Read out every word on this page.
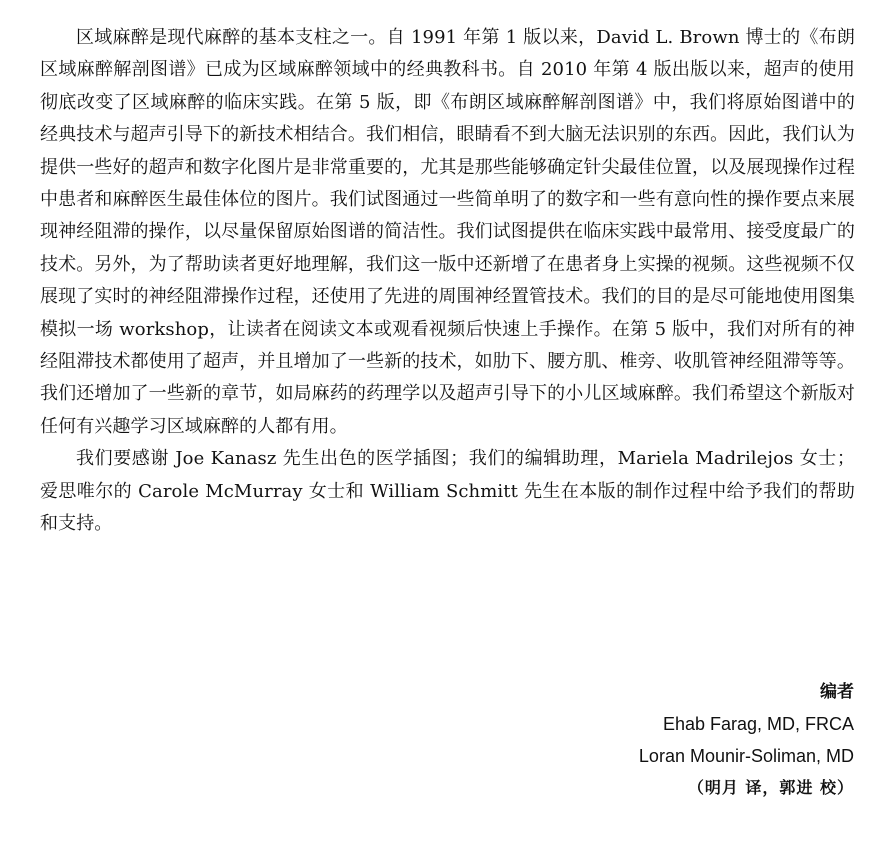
区域麻醉是现代麻醉的基本支柱之一。自 1991 年第 1 版以来，David L. Brown 博士的《布朗区域麻醉解剖图谱》已成为区域麻醉领域中的经典教科书。自 2010 年第 4 版出版以来，超声的使用彻底改变了区域麻醉的临床实践。在第 5 版，即《布朗区域麻醉解剖图谱》中，我们将原始图谱中的经典技术与超声引导下的新技术相结合。我们相信，眼睛看不到大脑无法识别的东西。因此，我们认为提供一些好的超声和数字化图片是非常重要的，尤其是那些能够确定针尖最佳位置，以及展现操作过程中患者和麻醉医生最佳体位的图片。我们试图通过一些简单明了的数字和一些有意向性的操作要点来展现神经阻滞的操作，以尽量保留原始图谱的简洁性。我们试图提供在临床实践中最常用、接受度最广的技术。另外，为了帮助读者更好地理解，我们这一版中还新增了在患者身上实操的视频。这些视频不仅展现了实时的神经阻滞操作过程，还使用了先进的周围神经置管技术。我们的目的是尽可能地使用图集模拟一场 workshop，让读者在阅读文本或观看视频后快速上手操作。在第 5 版中，我们对所有的神经阻滞技术都使用了超声，并且增加了一些新的技术，如肋下、腰方肌、椎旁、收肌管神经阻滞等等。我们还增加了一些新的章节，如局麻药的药理学以及超声引导下的小儿区域麻醉。我们希望这个新版对任何有兴趣学习区域麻醉的人都有用。

我们要感谢 Joe Kanasz 先生出色的医学插图；我们的编辑助理，Mariela Madrilejos 女士；爱思唯尔的 Carole McMurray 女士和 William Schmitt 先生在本版的制作过程中给予我们的帮助和支持。

编者
Ehab Farag, MD, FRCA
Loran Mounir-Soliman, MD
（明月 译，郭进 校）
